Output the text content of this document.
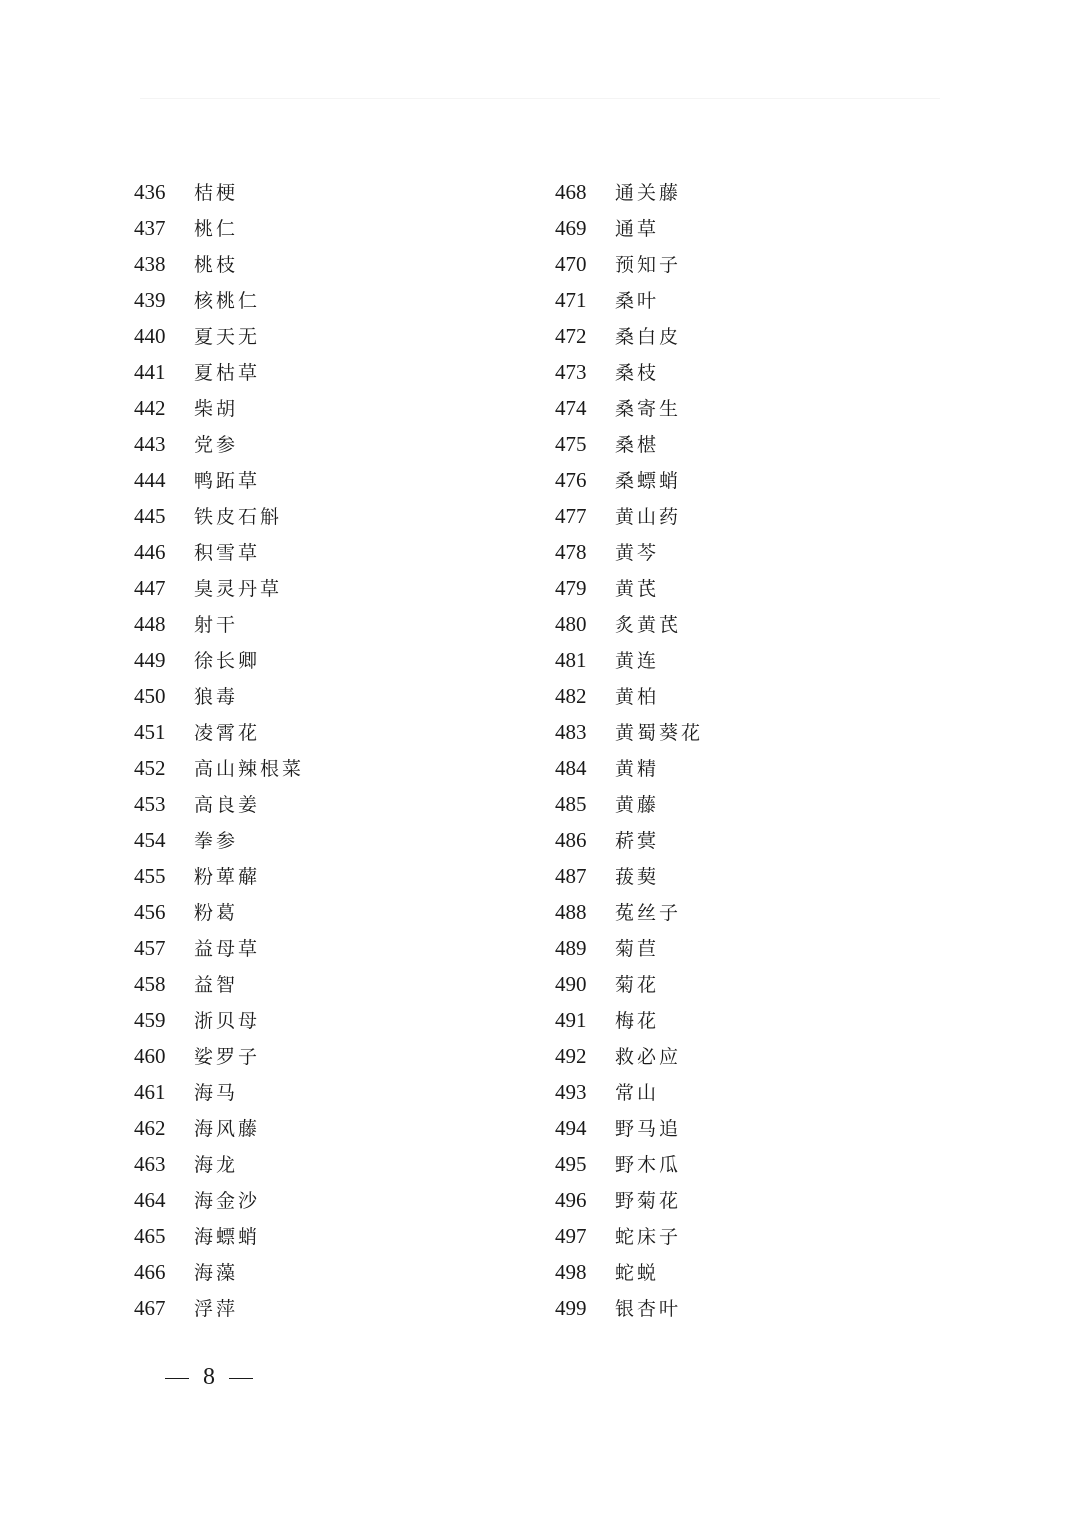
436 桔梗
437 桃仁
438 桃枝
439 核桃仁
440 夏天无
441 夏枯草
442 柴胡
443 党参
444 鸭跖草
445 铁皮石斛
446 积雪草
447 臭灵丹草
448 射干
449 徐长卿
450 狼毒
451 凌霄花
452 高山辣根菜
453 高良姜
454 拳参
455 粉萆薢
456 粉葛
457 益母草
458 益智
459 浙贝母
460 娑罗子
461 海马
462 海风藤
463 海龙
464 海金沙
465 海螵蛸
466 海藻
467 浮萍
468 通关藤
469 通草
470 预知子
471 桑叶
472 桑白皮
473 桑枝
474 桑寄生
475 桑椹
476 桑螵蛸
477 黄山药
478 黄芩
479 黄芪
480 炙黄芪
481 黄连
482 黄柏
483 黄蜀葵花
484 黄精
485 黄藤
486 菥蓂
487 菝葜
488 菟丝子
489 菊苣
490 菊花
491 梅花
492 救必应
493 常山
494 野马追
495 野木瓜
496 野菊花
497 蛇床子
498 蛇蜕
499 银杏叶
8
